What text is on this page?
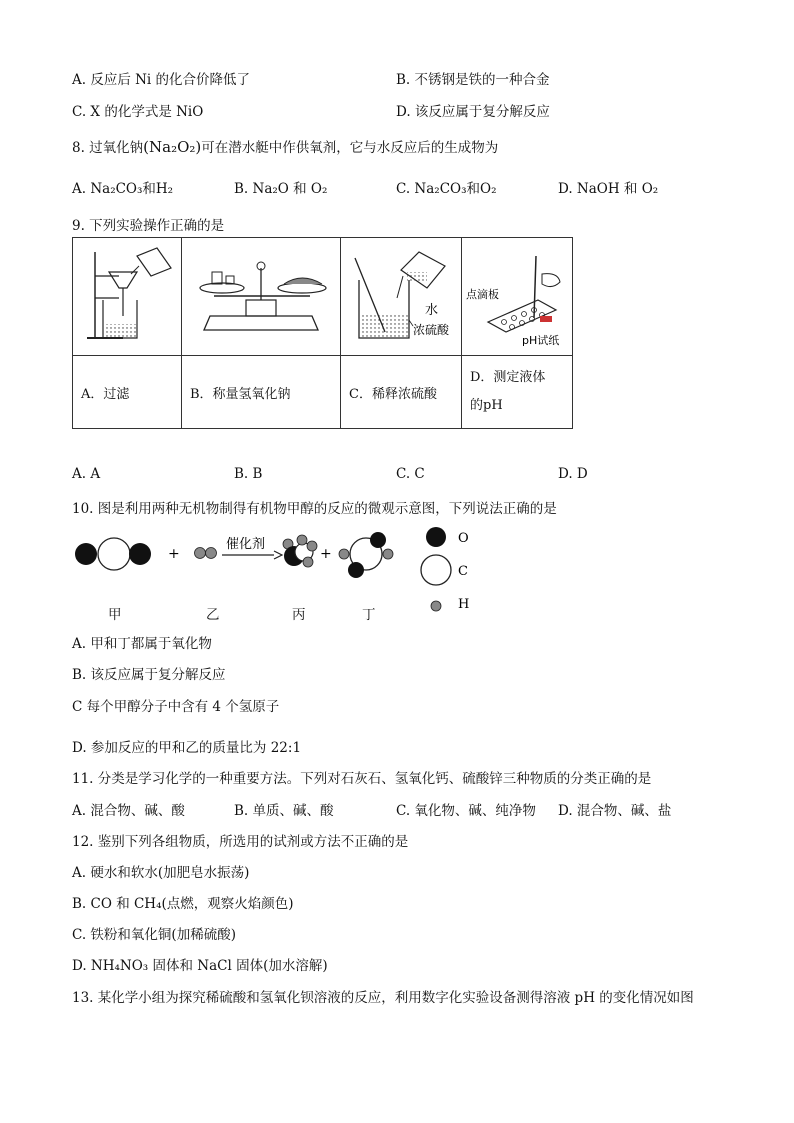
A. 反应后 Ni 的化合价降低了	B. 不锈钢是铁的一种合金
C. X 的化学式是 NiO	D. 该反应属于复分解反应
8. 过氧化钠(Na₂O₂)可在潜水艇中作供氧剂，它与水反应后的生成物为
A. Na₂CO₃和H₂	B. Na₂O 和 O₂	C. Na₂CO₃和O₂	D. NaOH 和 O₂
9. 下列实验操作正确的是

水
浓硫酸	点滴板
pH试纸

A．过滤	B．称量氢氧化钠	C．稀释浓硫酸	D．测定液体
的pH
A. A	B. B	C. C	D. D
10. 图是利用两种无机物制得有机物甲醇的反应的微观示意图，下列说法正确的是
+
催化剂
+
O
C
H
甲	乙	丙	丁
A. 甲和丁都属于氧化物
B. 该反应属于复分解反应
C 每个甲醇分子中含有 4 个氢原子
D. 参加反应的甲和乙的质量比为 22:1
11. 分类是学习化学的一种重要方法。下列对石灰石、氢氧化钙、硫酸锌三种物质的分类正确的是
A. 混合物、碱、酸	B. 单质、碱、酸	C. 氧化物、碱、纯净物 D. 混合物、碱、盐
12. 鉴别下列各组物质，所选用的试剂或方法不正确的是
A. 硬水和软水(加肥皂水振荡)
B. CO 和 CH₄(点燃，观察火焰颜色)
C. 铁粉和氧化铜(加稀硫酸)
D. NH₄NO₃ 固体和 NaCl 固体(加水溶解)
13. 某化学小组为探究稀硫酸和氢氧化钡溶液的反应，利用数字化实验设备测得溶液 pH 的变化情况如图
